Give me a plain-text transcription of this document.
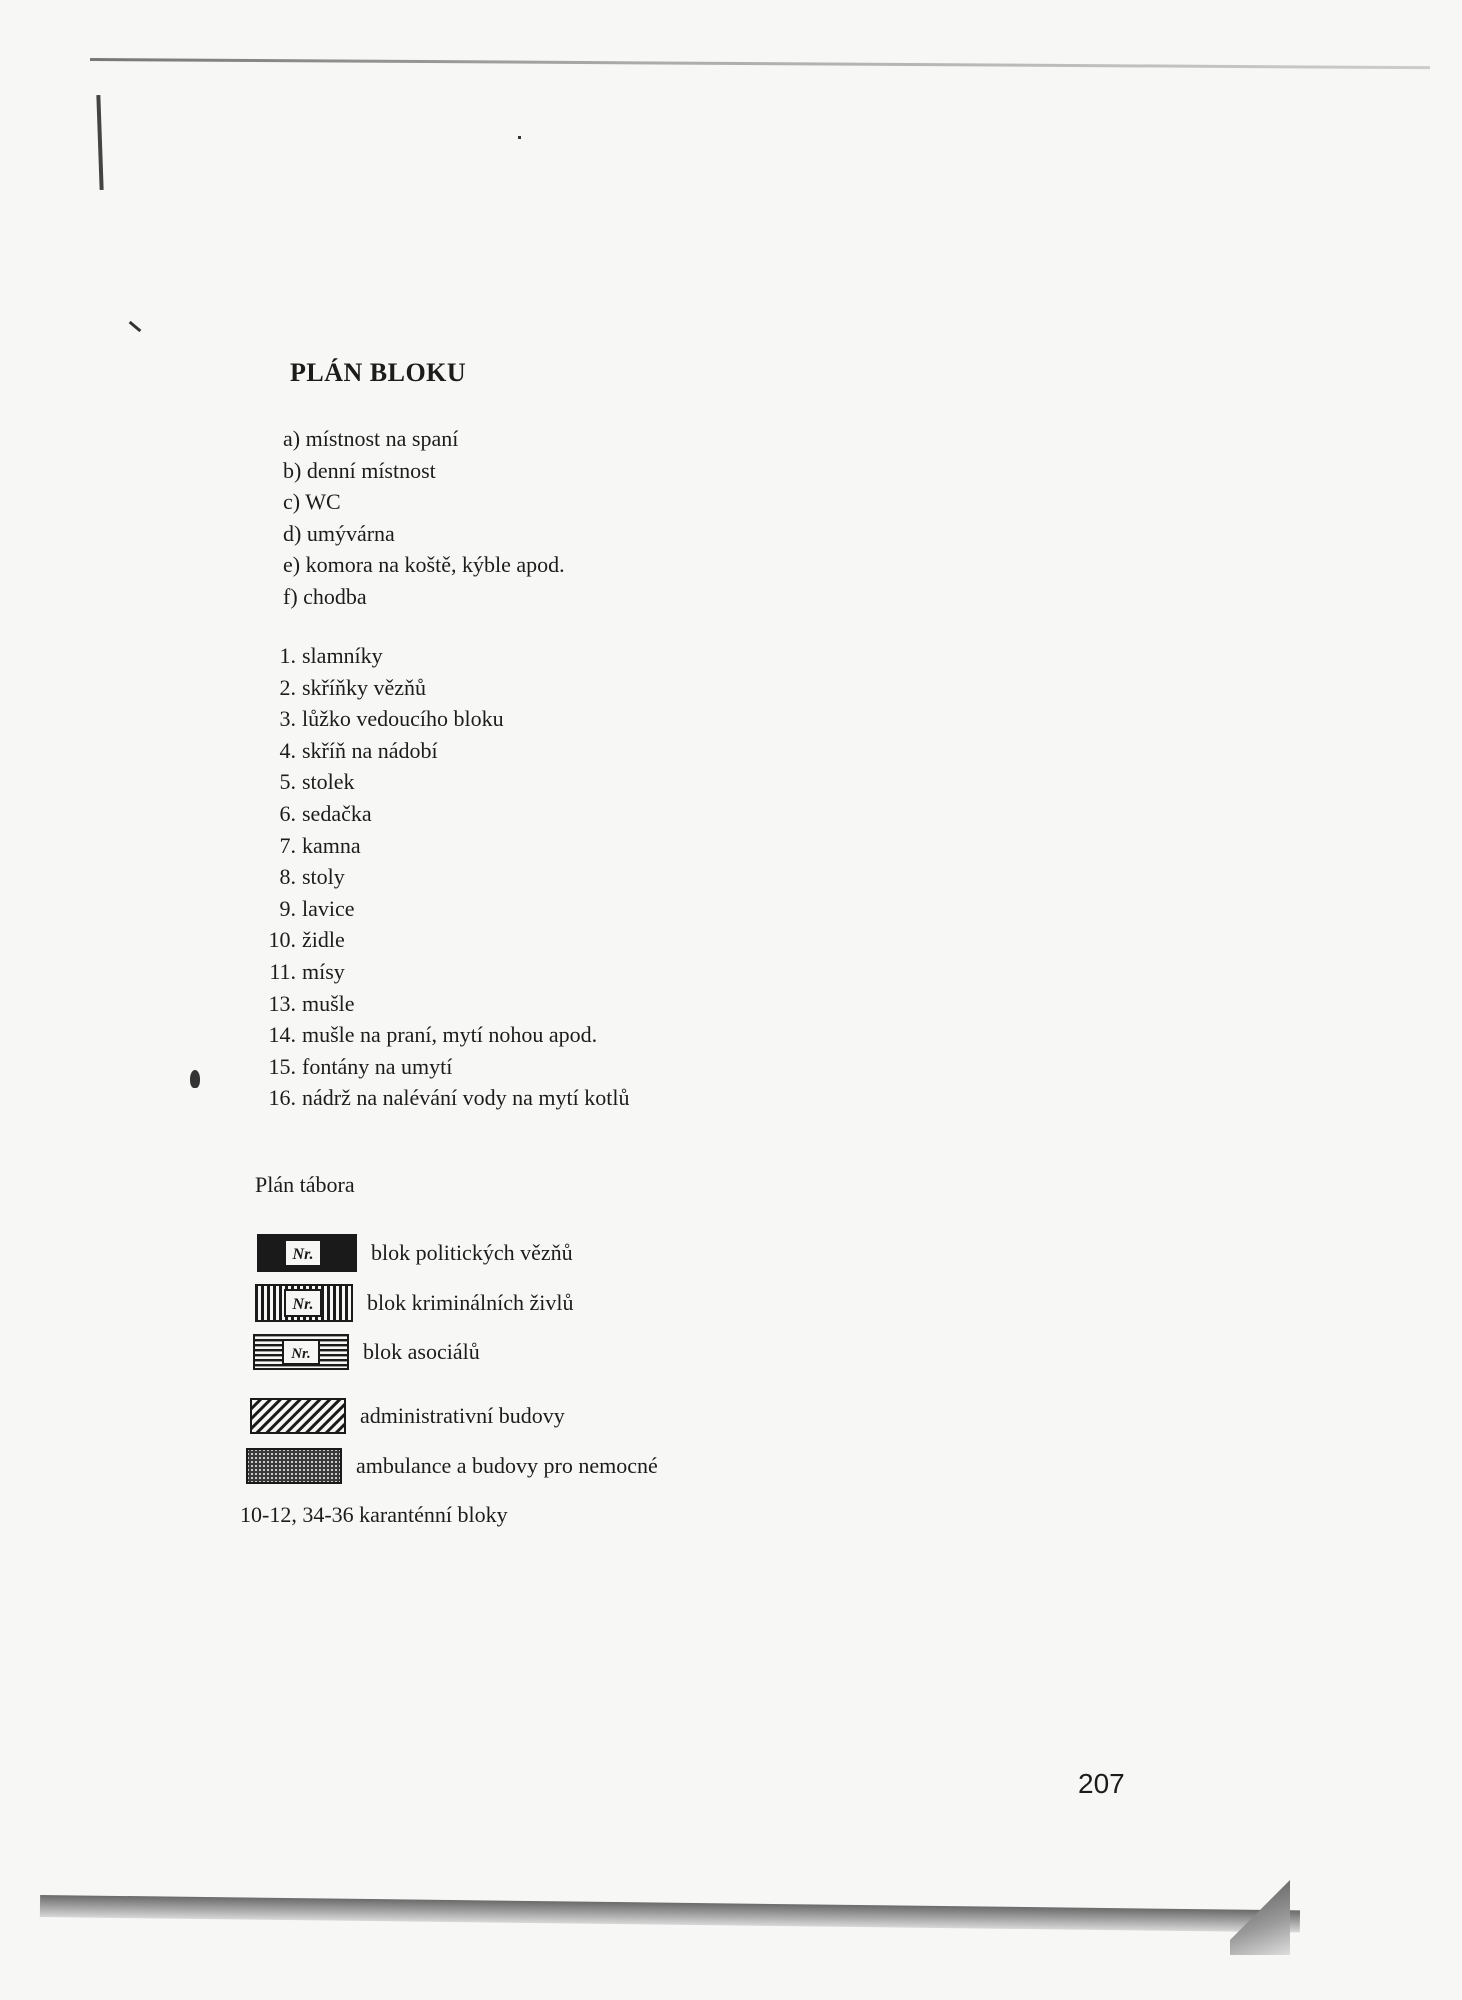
PLÁN BLOKU
a) místnost na spaní
b) denní místnost
c) WC
d) umývárna
e) komora na koště, kýble apod.
f) chodba
1. slamníky
2. skříňky vězňů
3. lůžko vedoucího bloku
4. skříň na nádobí
5. stolek
6. sedačka
7. kamna
8. stoly
9. lavice
10. židle
11. mísy
13. mušle
14. mušle na praní, mytí nohou apod.
15. fontány na umytí
16. nádrž na nalévání vody na mytí kotlů
Plán tábora
Nr.	blok politických vězňů
Nr. blok kriminálních živlů
Nr. blok asociálů
administrativní budovy
ambulance a budovy pro nemocné
10-12, 34-36 karanténní bloky
207
